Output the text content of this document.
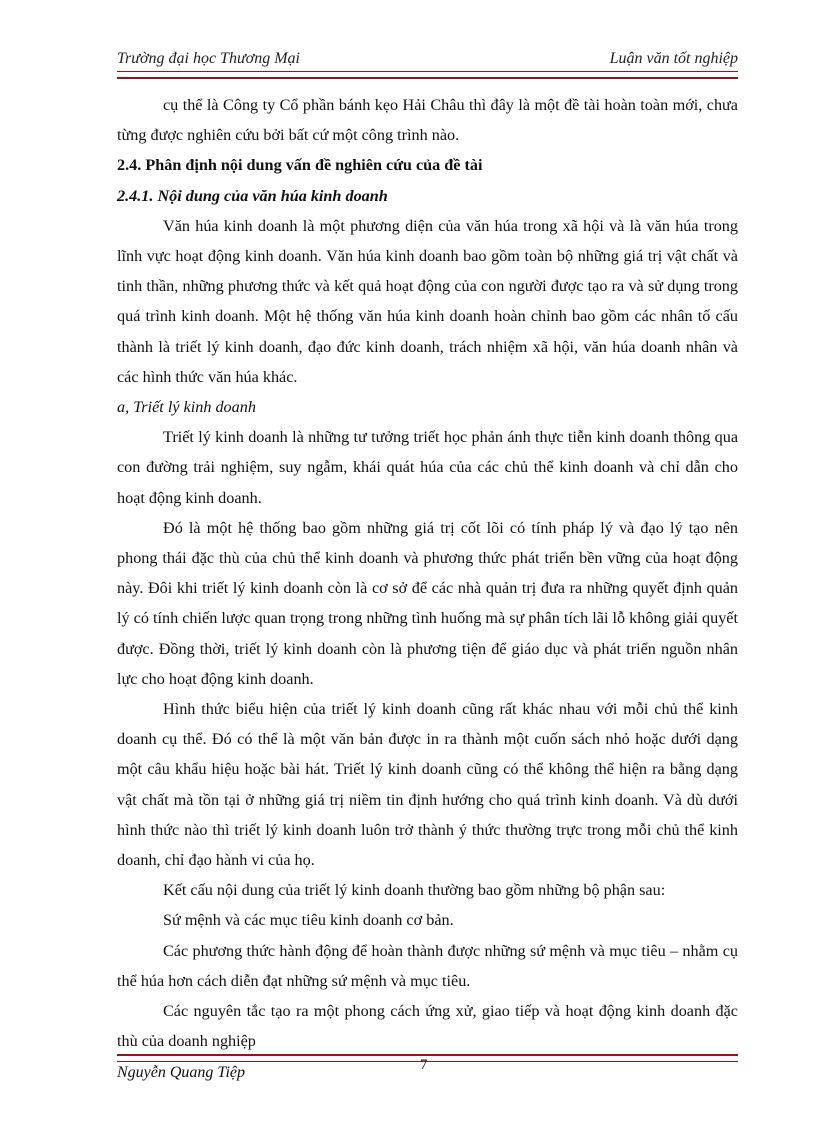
Trường đại học Thương Mại	Luận văn tốt nghiệp

cụ thể là Công ty Cổ phần bánh kẹo Hải Châu thì đây là một đề tài hoàn toàn mới, chưa từng được nghiên cứu bởi bất cứ một công trình nào.

2.4. Phân định nội dung vấn đề nghiên cứu của đề tài
2.4.1. Nội dung của văn húa kinh doanh

Văn húa kinh doanh là một phương diện của văn húa trong xã hội và là văn húa trong lĩnh vực hoạt động kinh doanh. Văn húa kinh doanh bao gồm toàn bộ những giá trị vật chất và tinh thần, những phương thức và kết quả hoạt động của con người được tạo ra và sử dụng trong quá trình kinh doanh. Một hệ thống văn húa kinh doanh hoàn chỉnh bao gồm các nhân tố cấu thành là triết lý kinh doanh, đạo đức kinh doanh, trách nhiệm xã hội, văn húa doanh nhân và các hình thức văn húa khác.

a, Triết lý kinh doanh

Triết lý kinh doanh là những tư tưởng triết học phản ánh thực tiễn kinh doanh thông qua con đường trải nghiệm, suy ngẫm, khái quát húa của các chủ thể kinh doanh và chỉ dẫn cho hoạt động kinh doanh.

Đó là một hệ thống bao gồm những giá trị cốt lõi có tính pháp lý và đạo lý tạo nên phong thái đặc thù của chủ thể kinh doanh và phương thức phát triển bền vững của hoạt động này. Đôi khi triết lý kinh doanh còn là cơ sở để các nhà quản trị đưa ra những quyết định quản lý có tính chiến lược quan trọng trong những tình huống mà sự phân tích lãi lỗ không giải quyết được. Đồng thời, triết lý kinh doanh còn là phương tiện để giáo dục và phát triển nguồn nhân lực cho hoạt động kinh doanh.

Hình thức biểu hiện của triết lý kinh doanh cũng rất khác nhau với mỗi chủ thể kinh doanh cụ thể. Đó có thể là một văn bản được in ra thành một cuốn sách nhỏ hoặc dưới dạng một câu khẩu hiệu hoặc bài hát. Triết lý kinh doanh cũng có thể không thể hiện ra bằng dạng vật chất mà tồn tại ở những giá trị niềm tin định hướng cho quá trình kinh doanh. Và dù dưới hình thức nào thì triết lý kinh doanh luôn trở thành ý thức thường trực trong mỗi chủ thể kinh doanh, chỉ đạo hành vi của họ.

Kết cấu nội dung của triết lý kinh doanh thường bao gồm những bộ phận sau:

Sứ mệnh và các mục tiêu kinh doanh cơ bản.

Các phương thức hành động để hoàn thành được những sứ mệnh và mục tiêu – nhằm cụ thể húa hơn cách diễn đạt những sứ mệnh và mục tiêu.

Các nguyên tắc tạo ra một phong cách ứng xử, giao tiếp và hoạt động kinh doanh đặc thù của doanh nghiệp

Nguyễn Quang Tiệp	7
